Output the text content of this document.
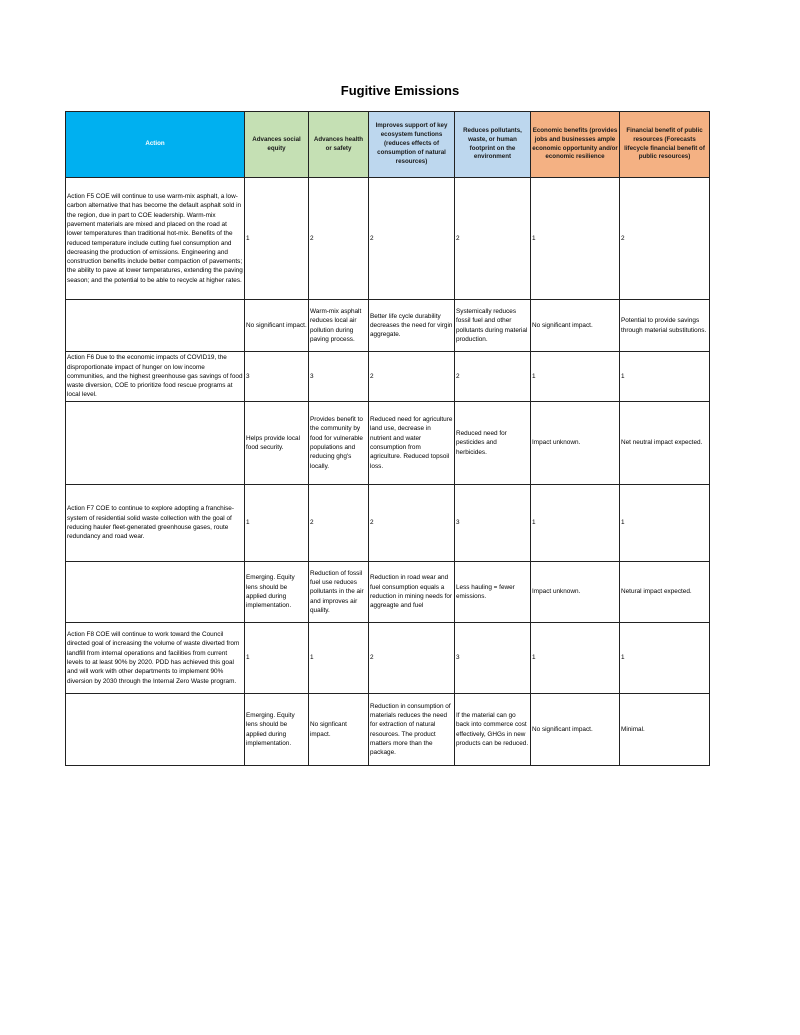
Fugitive Emissions
Action	Advances social equity	Advances health or safety	Improves support of key ecosystem functions (reduces effects of consumption of natural resources)	Reduces pollutants, waste, or human footprint on the environment	Economic benefits (provides jobs and businesses ample economic opportunity and/or economic resilience	Financial benefit of public resources (Forecasts lifecycle financial benefit of public resources)
Action F5 COE will continue to use warm-mix asphalt, a low-carbon alternative that has become the default asphalt sold in the region, due in part to COE leadership. Warm-mix pavement materials are mixed and placed on the road at lower temperatures than traditional hot-mix. Benefits of the reduced temperature include cutting fuel consumption and decreasing the production of emissions. Engineering and construction benefits include better compaction of pavements; the ability to pave at lower temperatures, extending the paving season; and the potential to be able to recycle at higher rates.	1	2	2	2	1	2
	No significant impact.	Warm-mix asphalt reduces local air pollution during paving process.	Better life cycle durability decreases the need for virgin aggregate.	Systemically reduces fossil fuel and other pollutants during material production.	No significant impact.	Potential to provide savings through material substitutions.
Action F6 Due to the economic impacts of COVID19, the disproportionate impact of hunger on low income communities, and the highest greenhouse gas savings of food waste diversion, COE to prioritize food rescue programs at local level.	3	3	2	2	1	1
	Helps provide local food security.	Provides benefit to the community by food for vulnerable populations and reducing ghg's locally.	Reduced need for agriculture land use, decrease in nutrient and water consumption from agriculture. Reduced topsoil loss.	Reduced need for pesticides and herbicides.	Impact unknown.	Net neutral impact expected.
Action F7 COE to continue to explore adopting a franchise-system of residential solid waste collection with the goal of reducing hauler fleet-generated greenhouse gases, route redundancy and road wear.	1	2	2	3	1	1
	Emerging. Equity lens should be applied during implementation.	Reduction of fossil fuel use reduces pollutants in the air and improves air quality.	Reduction in road wear and fuel consumption equals a reduction in mining needs for aggreagte and fuel	Less hauling = fewer emissions.	Impact unknown.	Netural impact expected.
Action F8 COE will continue to work toward the Council directed goal of increasing the volume of waste diverted from landfill from internal operations and facilities from current levels to at least 90% by 2020. PDD has achieved this goal and will work with other departments to implement 90% diversion by 2030 through the Internal Zero Waste program.	1	1	2	3	1	1
	Emerging. Equity lens should be applied during implementation.	No signficant impact.	Reduction in consumption of materials reduces the need for extraction of natural resources. The product matters more than the package.	If the material can go back into commerce cost effectively, GHGs in new products can be reduced.	No significant impact.	Minimal.
